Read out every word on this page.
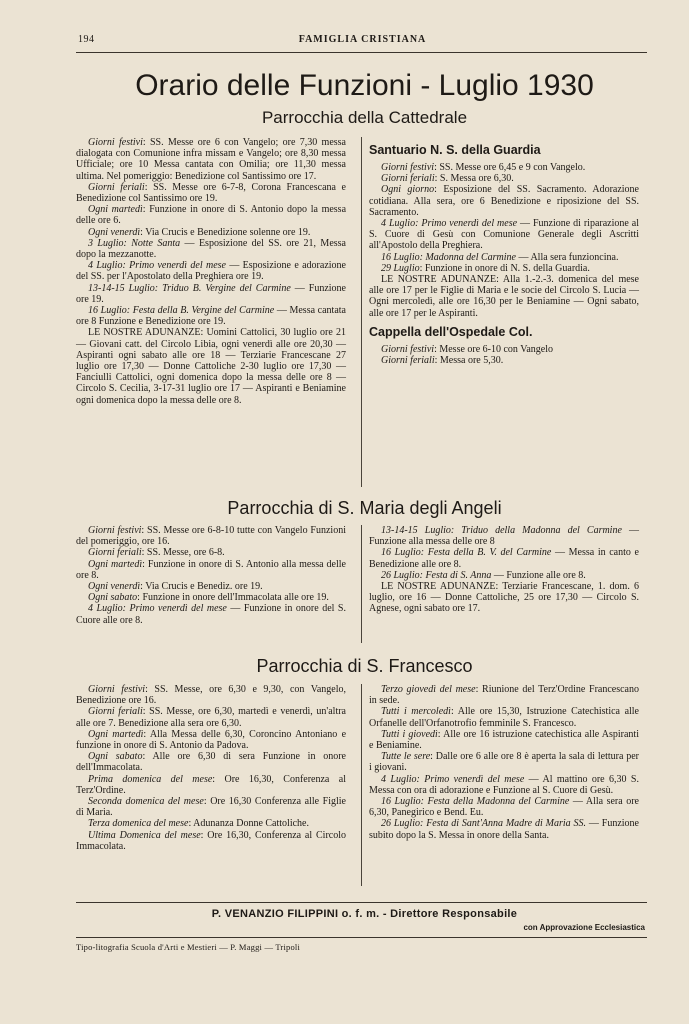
194	FAMIGLIA CRISTIANA
Orario delle Funzioni - Luglio 1930
Parrocchia della Cattedrale

Giorni festivi: SS. Messe ore 6 con Vangelo; ore 7,30 messa dialogata con Comunione infra missam e Vangelo; ore 8,30 messa Ufficiale; ore 10 Messa cantata con Omilia; ore 11,30 messa ultima. Nel pomeriggio: Benedizione col Santissimo ore 17.

Giorni feriali: SS. Messe ore 6-7-8, Corona Francescana e Benedizione col Santissimo ore 19.

Ogni martedì: Funzione in onore di S. Antonio dopo la messa delle ore 6.

Ogni venerdì: Via Crucis e Benedizione solenne ore 19.

3 Luglio: Notte Santa — Esposizione del SS. ore 21, Messa dopo la mezzanotte.

4 Luglio: Primo venerdì del mese — Esposizione e adorazione del SS. per l'Apostolato della Preghiera ore 19.

13-14-15 Luglio: Triduo B. Vergine del Carmine — Funzione ore 19.

16 Luglio: Festa della B. Vergine del Carmine — Messa cantata ore 8 Funzione e Benedizione ore 19.

LE NOSTRE ADUNANZE: Uomini Cattolici, 30 luglio ore 21 — Giovani catt. del Circolo Libia, ogni venerdì alle ore 20,30 — Aspiranti ogni sabato alle ore 18 — Terziarie Francescane 27 luglio ore 17,30 — Donne Cattoliche 2-30 luglio ore 17,30 — Fanciulli Cattolici, ogni domenica dopo la messa delle ore 8 — Circolo S. Cecilia, 3-17-31 luglio ore 17 — Aspiranti e Beniamine ogni domenica dopo la messa delle ore 8.

Santuario N. S. della Guardia

Giorni festivi: SS. Messe ore 6,45 e 9 con Vangelo.

Giorni feriali: S. Messa ore 6,30.

Ogni giorno: Esposizione del SS. Sacramento. Adorazione cotidiana. Alla sera, ore 6 Benedizione e riposizione del SS. Sacramento.

4 Luglio: Primo venerdì del mese — Funzione di riparazione al S. Cuore di Gesù con Comunione Generale degli Ascritti all'Apostolo della Preghiera.

16 Luglio: Madonna del Carmine — Alla sera funzioncina.

29 Luglio: Funzione in onore di N. S. della Guardia.

LE NOSTRE ADUNANZE: Alla 1.-2.-3. domenica del mese alle ore 17 per le Figlie di Maria e le socie del Circolo S. Lucia — Ogni mercoledì, alle ore 16,30 per le Beniamine — Ogni sabato, alle ore 17 per le Aspiranti.

Cappella dell'Ospedale Col.

Giorni festivi: Messe ore 6-10 con Vangelo

Giorni feriali: Messa ore 5,30.

Parrocchia di S. Maria degli Angeli

Giorni festivi: SS. Messe ore 6-8-10 tutte con Vangelo Funzioni del pomeriggio, ore 16.

Giorni feriali: SS. Messe, ore 6-8.

Ogni martedì: Funzione in onore di S. Antonio alla messa delle ore 8.

Ogni venerdì: Via Crucis e Benediz. ore 19.

Ogni sabato: Funzione in onore dell'Immacolata alle ore 19.

4 Luglio: Primo venerdì del mese — Funzione in onore del S. Cuore alle ore 8.

13-14-15 Luglio: Triduo della Madonna del Carmine — Funzione alla messa delle ore 8

16 Luglio: Festa della B. V. del Carmine — Messa in canto e Benedizione alle ore 8.

26 Luglio: Festa di S. Anna — Funzione alle ore 8.

LE NOSTRE ADUNANZE: Terziarie Francescane, 1. dom. 6 luglio, ore 16 — Donne Cattoliche, 25 ore 17,30 — Circolo S. Agnese, ogni sabato ore 17.

Parrocchia di S. Francesco

Giorni festivi: SS. Messe, ore 6,30 e 9,30, con Vangelo, Benedizione ore 16.

Giorni feriali: SS. Messe, ore 6,30, martedì e venerdì, un'altra alle ore 7. Benedizione alla sera ore 6,30.

Ogni martedì: Alla Messa delle 6,30, Coroncino Antoniano e funzione in onore di S. Antonio da Padova.

Ogni sabato: Alle ore 6,30 di sera Funzione in onore dell'Immacolata.

Prima domenica del mese: Ore 16,30, Conferenza al Terz'Ordine.

Seconda domenica del mese: Ore 16,30 Conferenza alle Figlie di Maria.

Terza domenica del mese: Adunanza Donne Cattoliche.

Ultima Domenica del mese: Ore 16,30, Conferenza al Circolo Immacolata.

Terzo giovedì del mese: Riunione del Terz'Ordine Francescano in sede.

Tutti i mercoledì: Alle ore 15,30, Istruzione Catechistica alle Orfanelle dell'Orfanotrofio femminile S. Francesco.

Tutti i giovedì: Alle ore 16 istruzione catechistica alle Aspiranti e Beniamine.

Tutte le sere: Dalle ore 6 alle ore 8 è aperta la sala di lettura per i giovani.

4 Luglio: Primo venerdì del mese — Al mattino ore 6,30 S. Messa con ora di adorazione e Funzione al S. Cuore di Gesù.

16 Luglio: Festa della Madonna del Carmine — Alla sera ore 6,30, Panegirico e Bend. Eu.

26 Luglio: Festa di Sant'Anna Madre di Maria SS. — Funzione subito dopo la S. Messa in onore della Santa.

P. VENANZIO FILIPPINI o. f. m. - Direttore Responsabile
con Approvazione Ecclesiastica
Tipo-litografia Scuola d'Arti e Mestieri — P. Maggi — Tripoli
